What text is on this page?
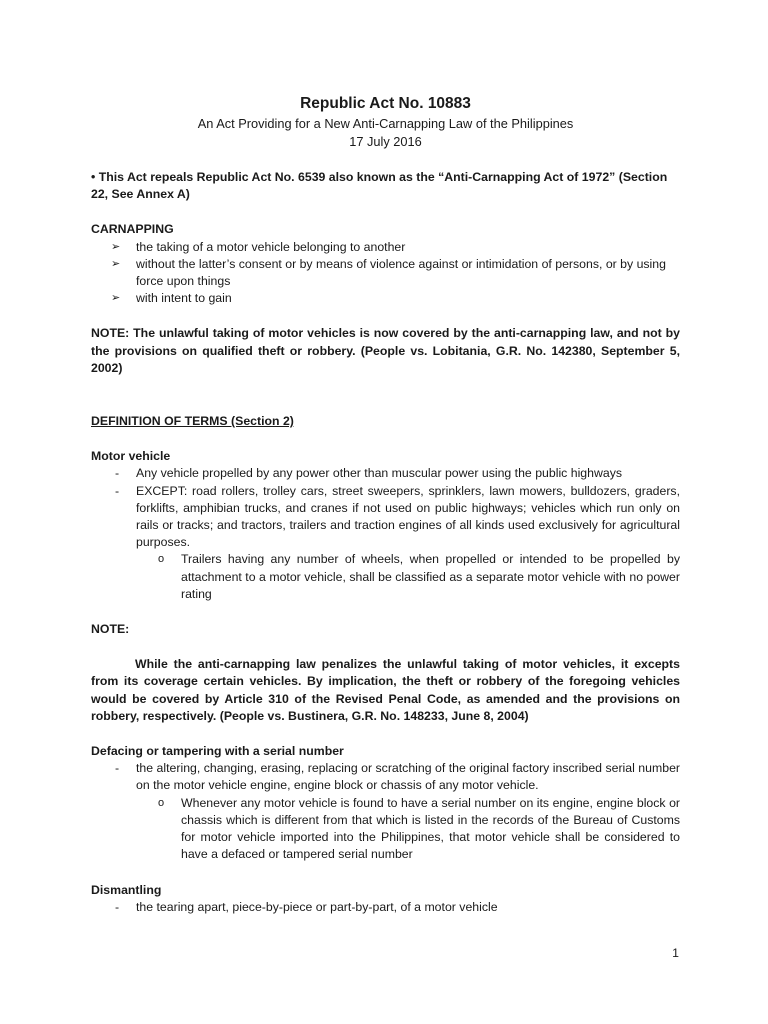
Republic Act No. 10883

An Act Providing for a New Anti-Carnapping Law of the Philippines

17 July 2016

• This Act repeals Republic Act No. 6539 also known as the “Anti-Carnapping Act of 1972” (Section 22, See Annex A)

CARNAPPING

➢ the taking of a motor vehicle belonging to another
➢ without the latter’s consent or by means of violence against or intimidation of persons, or by using force upon things
➢ with intent to gain

NOTE: The unlawful taking of motor vehicles is now covered by the anti-carnapping law, and not by the provisions on qualified theft or robbery. (People vs. Lobitania, G.R. No. 142380, September 5, 2002)

DEFINITION OF TERMS (Section 2)

Motor vehicle

- Any vehicle propelled by any power other than muscular power using the public highways
- EXCEPT: road rollers, trolley cars, street sweepers, sprinklers, lawn mowers, bulldozers, graders, forklifts, amphibian trucks, and cranes if not used on public highways; vehicles which run only on rails or tracks; and tractors, trailers and traction engines of all kinds used exclusively for agricultural purposes.
o Trailers having any number of wheels, when propelled or intended to be propelled by attachment to a motor vehicle, shall be classified as a separate motor vehicle with no power rating

NOTE:

While the anti-carnapping law penalizes the unlawful taking of motor vehicles, it excepts from its coverage certain vehicles. By implication, the theft or robbery of the foregoing vehicles would be covered by Article 310 of the Revised Penal Code, as amended and the provisions on robbery, respectively. (People vs. Bustinera, G.R. No. 148233, June 8, 2004)

Defacing or tampering with a serial number

- the altering, changing, erasing, replacing or scratching of the original factory inscribed serial number on the motor vehicle engine, engine block or chassis of any motor vehicle.
o Whenever any motor vehicle is found to have a serial number on its engine, engine block or chassis which is different from that which is listed in the records of the Bureau of Customs for motor vehicle imported into the Philippines, that motor vehicle shall be considered to have a defaced or tampered serial number

Dismantling

- the tearing apart, piece-by-piece or part-by-part, of a motor vehicle
1
